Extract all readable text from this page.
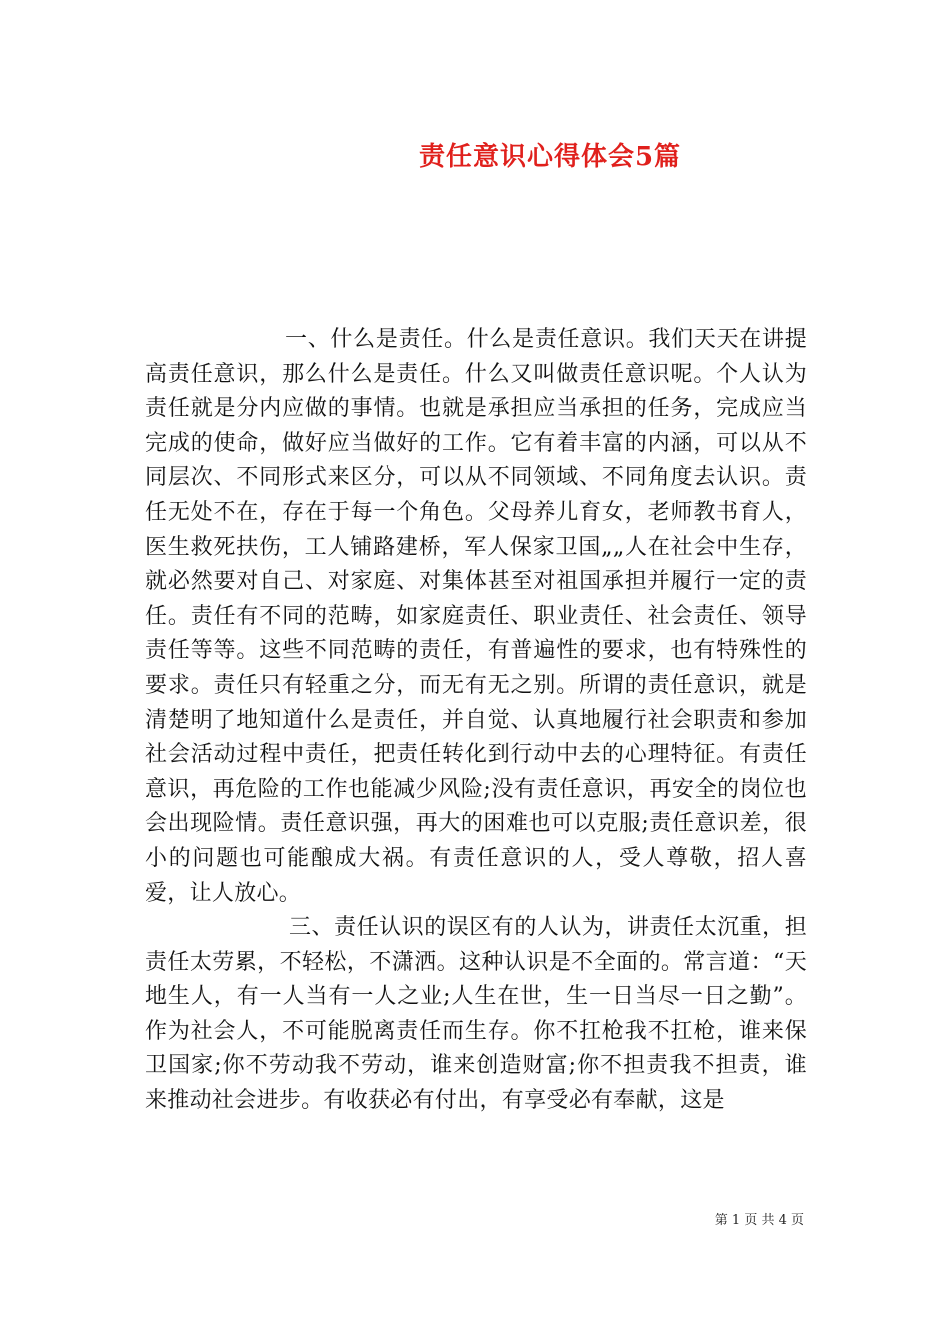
责任意识心得体会5篇

一、什么是责任。什么是责任意识。我们天天在讲提高责任意识，那么什么是责任。什么又叫做责任意识呢。个人认为责任就是分内应做的事情。也就是承担应当承担的任务，完成应当完成的使命，做好应当做好的工作。它有着丰富的内涵，可以从不同层次、不同形式来区分，可以从不同领域、不同角度去认识。责任无处不在，存在于每一个角色。父母养儿育女，老师教书育人，医生救死扶伤，工人铺路建桥，军人保家卫国„„人在社会中生存，就必然要对自己、对家庭、对集体甚至对祖国承担并履行一定的责任。责任有不同的范畴，如家庭责任、职业责任、社会责任、领导责任等等。这些不同范畴的责任，有普遍性的要求，也有特殊性的要求。责任只有轻重之分，而无有无之别。所谓的责任意识，就是清楚明了地知道什么是责任，并自觉、认真地履行社会职责和参加社会活动过程中责任，把责任转化到行动中去的心理特征。有责任意识，再危险的工作也能减少风险;没有责任意识，再安全的岗位也会出现险情。责任意识强，再大的困难也可以克服;责任意识差，很小的问题也可能酿成大祸。有责任意识的人，受人尊敬，招人喜爱，让人放心。

三、责任认识的误区有的人认为，讲责任太沉重，担责任太劳累，不轻松，不潇洒。这种认识是不全面的。常言道：“天地生人，有一人当有一人之业;人生在世，生一日当尽一日之勤”。作为社会人，不可能脱离责任而生存。你不扛枪我不扛枪，谁来保卫国家;你不劳动我不劳动，谁来创造财富;你不担责我不担责，谁来推动社会进步。有收获必有付出，有享受必有奉献，这是

第 1 页 共 4 页
